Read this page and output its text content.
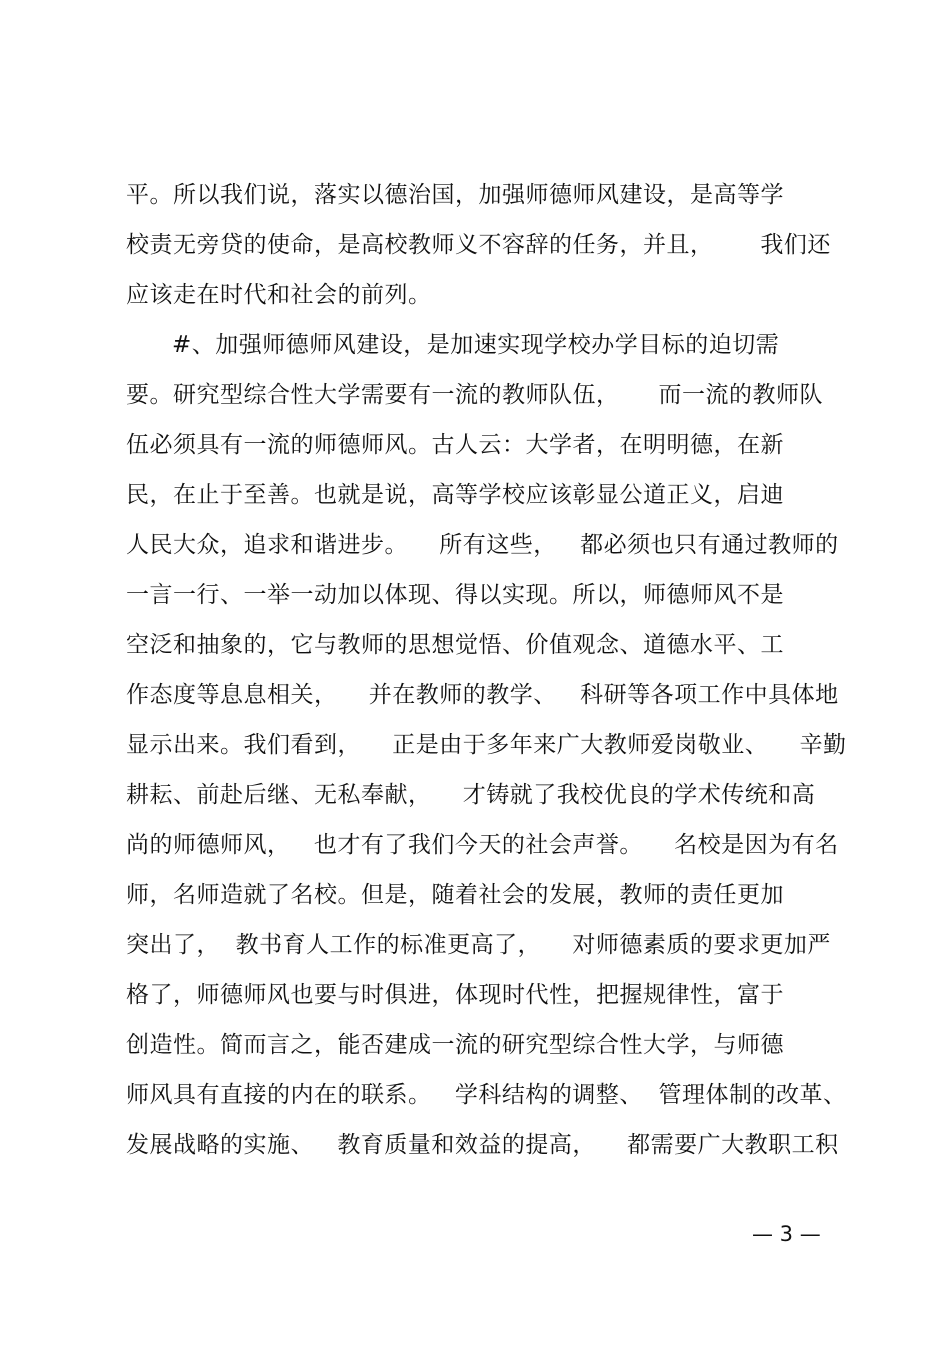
平。所以我们说，落实以德治国，加强师德师风建设，是高等学
校责无旁贷的使命，是高校教师义不容辞的任务，并且，      我们还
应该走在时代和社会的前列。
#、加强师德师风建设，是加速实现学校办学目标的迫切需
要。研究型综合性大学需要有一流的教师队伍，     而一流的教师队
伍必须具有一流的师德师风。古人云：大学者，在明明德，在新
民，在止于至善。也就是说，高等学校应该彰显公道正义，启迪
人民大众，追求和谐进步。    所有这些，   都必须也只有通过教师的
一言一行、一举一动加以体现、得以实现。所以，师德师风不是
空泛和抽象的，它与教师的思想觉悟、价值观念、道德水平、工
作态度等息息相关，    并在教师的教学、   科研等各项工作中具体地
显示出来。我们看到，    正是由于多年来广大教师爱岗敬业、    辛勤
耕耘、前赴后继、无私奉献，    才铸就了我校优良的学术传统和高
尚的师德师风，   也才有了我们今天的社会声誉。    名校是因为有名
师，名师造就了名校。但是，随着社会的发展，教师的责任更加
突出了，  教书育人工作的标准更高了，    对师德素质的要求更加严
格了，师德师风也要与时俱进，体现时代性，把握规律性，富于
创造性。简而言之，能否建成一流的研究型综合性大学，与师德
师风具有直接的内在的联系。   学科结构的调整、  管理体制的改革、
发展战略的实施、   教育质量和效益的提高，    都需要广大教职工积
— 3 —
